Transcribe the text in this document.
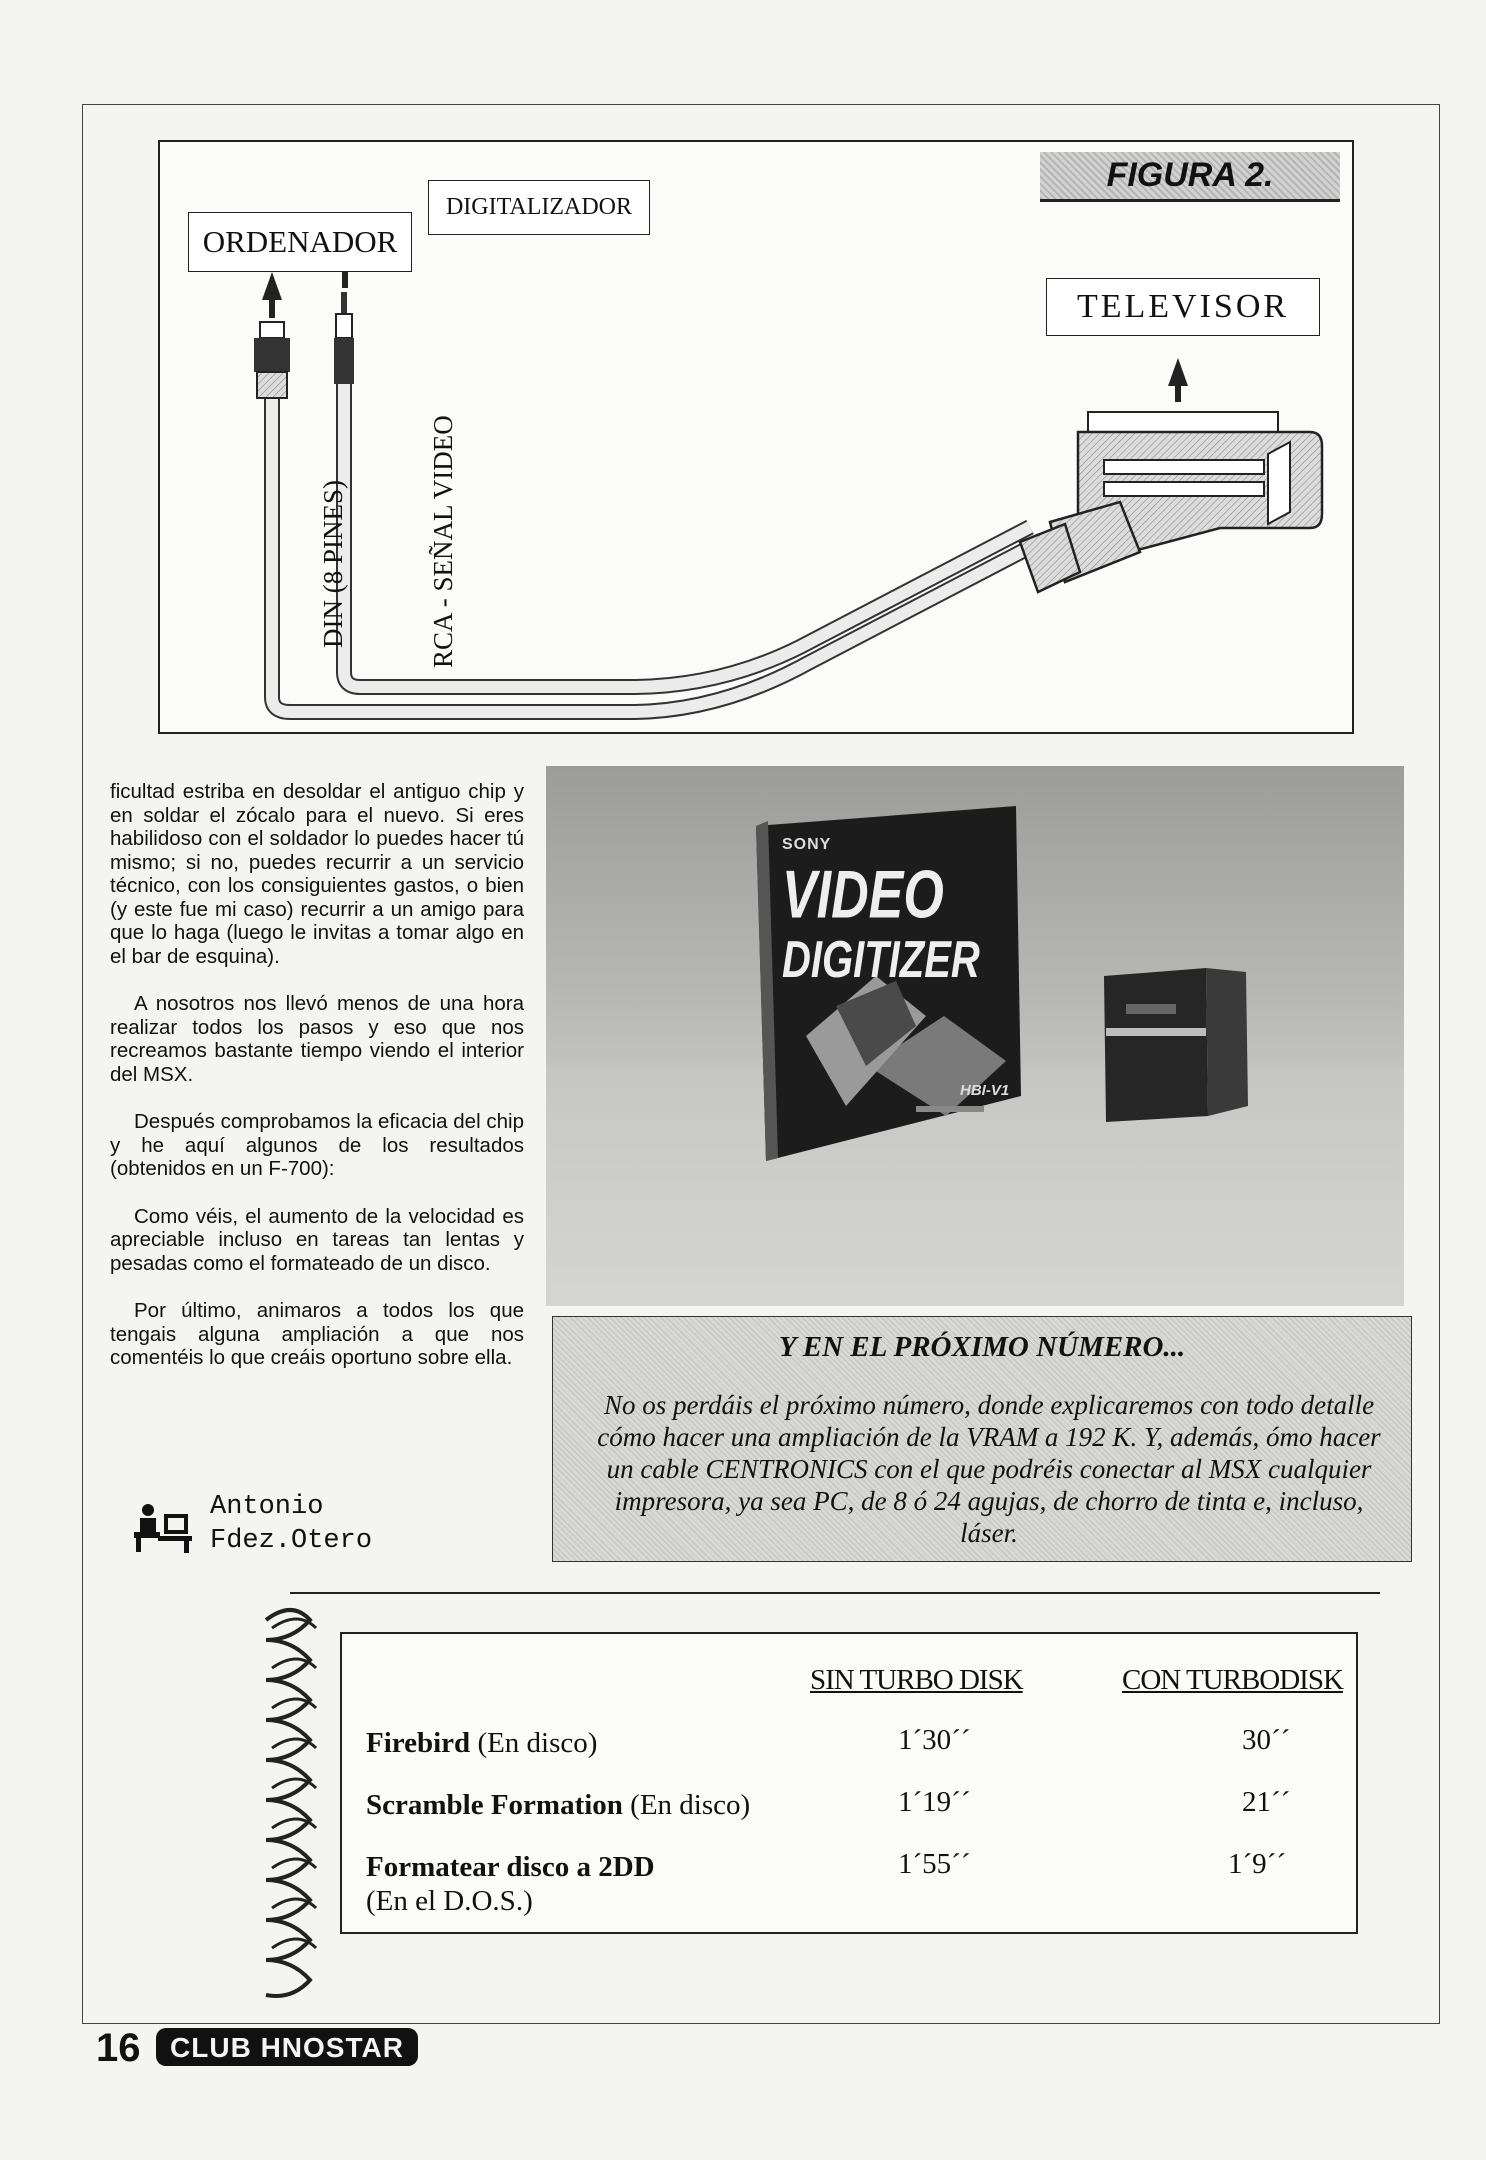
FIGURA 2.
ORDENADOR
DIGITALIZADOR
TELEVISOR
DIN (8 PINES)	RCA - SEÑAL VIDEO

ficultad estriba en desoldar el antiguo chip y en soldar el zócalo para el nuevo. Si eres habilidoso con el soldador lo puedes hacer tú mismo; si no, puedes recurrir a un servicio técnico, con los consiguientes gastos, o bien (y este fue mi caso) recurrir a un amigo para que lo haga (luego le invitas a tomar algo en el bar de esquina).

A nosotros nos llevó menos de una hora realizar todos los pasos y eso que nos recreamos bastante tiempo viendo el interior del MSX.

Después comprobamos la eficacia del chip y he aquí algunos de los resultados (obtenidos en un F-700):

Como véis, el aumento de la velocidad es apreciable incluso en tareas tan lentas y pesadas como el formateado de un disco.

Por último, animaros a todos los que tengais alguna ampliación a que nos comentéis lo que creáis oportuno sobre ella.

Antonio
Fdez.Otero
SONY
VIDEO
DIGITIZER
HBI-V1
Y EN EL PRÓXIMO NÚMERO...
No os perdáis el próximo número, donde explicaremos con todo detalle cómo hacer una ampliación de la VRAM a 192 K. Y, además, ómo hacer un cable CENTRONICS con el que podréis conectar al MSX cualquier impresora, ya sea PC, de 8 ó 24 agujas, de chorro de tinta e, incluso, láser.
SIN TURBO DISK	CON TURBODISK
Firebird (En disco)	1´30´´	30´´
Scramble Formation (En disco)	1´19´´	21´´
Formatear disco a 2DD
(En el D.O.S.)
1´55´´	1´9´´
16 CLUB HNOSTAR
